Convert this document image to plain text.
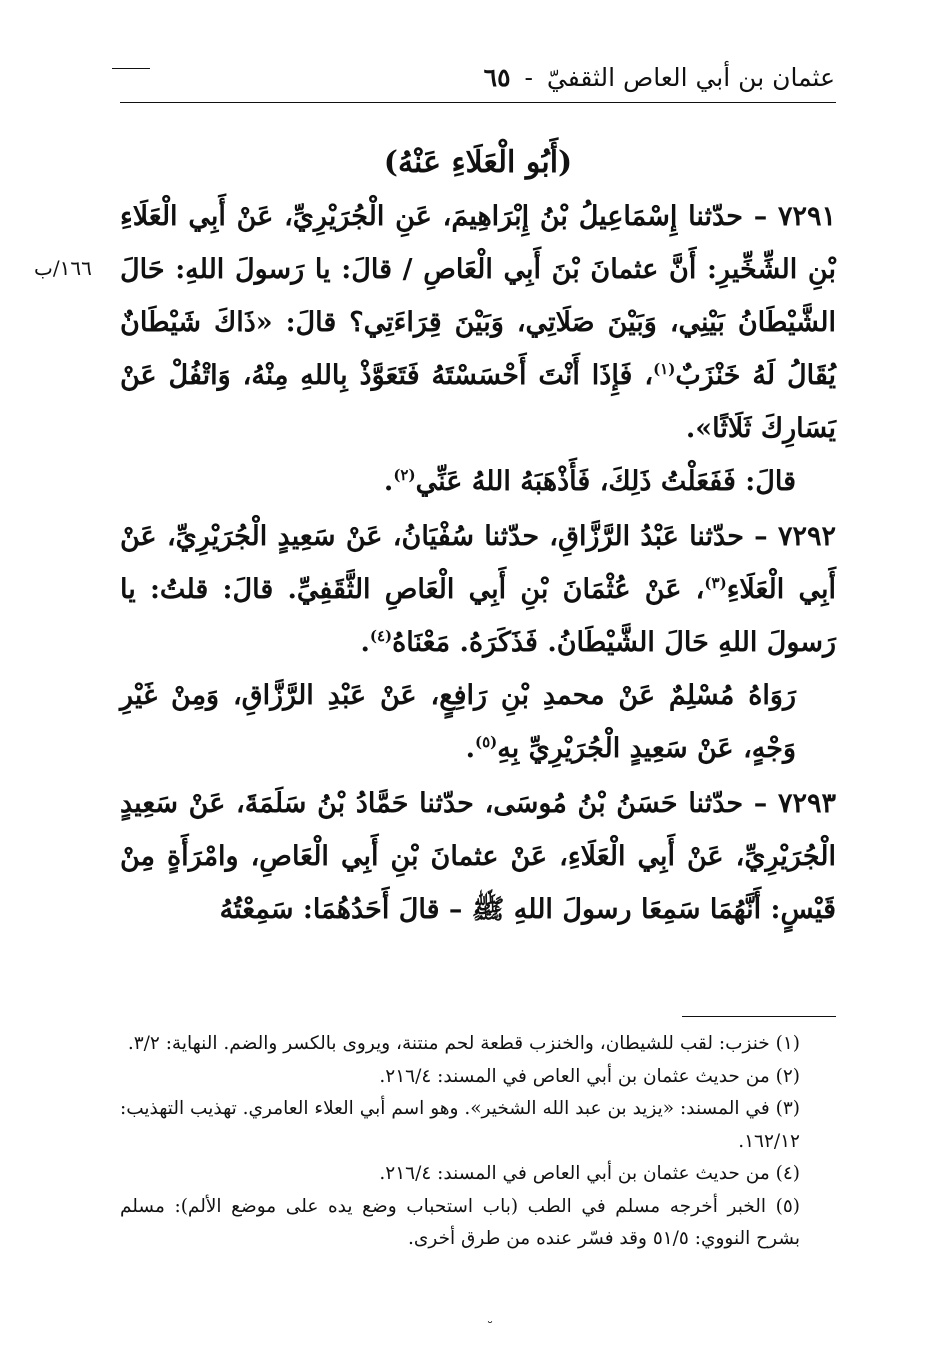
عثمان بن أبي العاص الثقفيّ - ٦٥
(أَبُو الْعَلَاءِ عَنْهُ)
١٦٦/ب

٧٢٩١ – حدّثنا إِسْمَاعِيلُ بْنُ إِبْرَاهِيمَ، عَنِ الْجُرَيْرِيِّ، عَنْ أَبِي الْعَلَاءِ بْنِ الشِّخِّيرِ: أَنَّ عثمانَ بْنَ أَبِي الْعَاصِ / قالَ: يا رَسولَ اللهِ: حَالَ الشَّيْطَانُ بَيْنِي، وَبَيْنَ صَلَاتِي، وَبَيْنَ قِرَاءَتِي؟ قالَ: «ذَاكَ شَيْطَانٌ يُقَالُ لَهُ خَنْزَبٌ$^{(١)}$، فَإِذَا أَنْتَ أَحْسَسْتَهُ فَتَعَوَّذْ بِاللهِ مِنْهُ، وَاتْفُلْ عَنْ يَسَارِكَ ثَلَاثًا».

قالَ: فَفَعَلْتُ ذَلِكَ، فَأَذْهَبَهُ اللهُ عَنِّي$^{(٢)}$.

٧٢٩٢ – حدّثنا عَبْدُ الرَّزَّاقِ، حدّثنا سُفْيَانُ، عَنْ سَعِيدٍ الْجُرَيْرِيِّ، عَنْ أَبِي الْعَلَاءِ$^{(٣)}$، عَنْ عُثْمَانَ بْنِ أَبِي الْعَاصِ الثَّقَفِيِّ. قالَ: قلتُ: يا رَسولَ اللهِ حَالَ الشَّيْطَانُ. فَذَكَرَهُ. مَعْنَاهُ$^{(٤)}$.

رَوَاهُ مُسْلِمٌ عَنْ محمدِ بْنِ رَافِعٍ، عَنْ عَبْدِ الرَّزَّاقِ، وَمِنْ غَيْرِ وَجْهٍ، عَنْ سَعِيدٍ الْجُرَيْرِيِّ بِهِ$^{(٥)}$.

٧٢٩٣ – حدّثنا حَسَنُ بْنُ مُوسَى، حدّثنا حَمَّادُ بْنُ سَلَمَةَ، عَنْ سَعِيدٍ الْجُرَيْرِيِّ، عَنْ أَبِي الْعَلَاءِ، عَنْ عثمانَ بْنِ أَبِي الْعَاصِ، وامْرَأَةٍ مِنْ قَيْسٍ: أَنَّهُمَا سَمِعَا رسولَ اللهِ ﷺ – قالَ أَحَدُهُمَا: سَمِعْتُهُ

(١) خنزب: لقب للشيطان، والخنزب قطعة لحم منتنة، ويروى بالكسر والضم. النهاية: ٣/٢.

(٢) من حديث عثمان بن أبي العاص في المسند: ٢١٦/٤.

(٣) في المسند: «يزيد بن عبد الله الشخير». وهو اسم أبي العلاء العامري. تهذيب التهذيب: ١٦٢/١٢.

(٤) من حديث عثمان بن أبي العاص في المسند: ٢١٦/٤.

(٥) الخبر أخرجه مسلم في الطب (باب استحباب وضع يده على موضع الألم): مسلم بشرح النووي: ٥١/٥ وقد فسّر عنده من طرق أخرى.

˘
